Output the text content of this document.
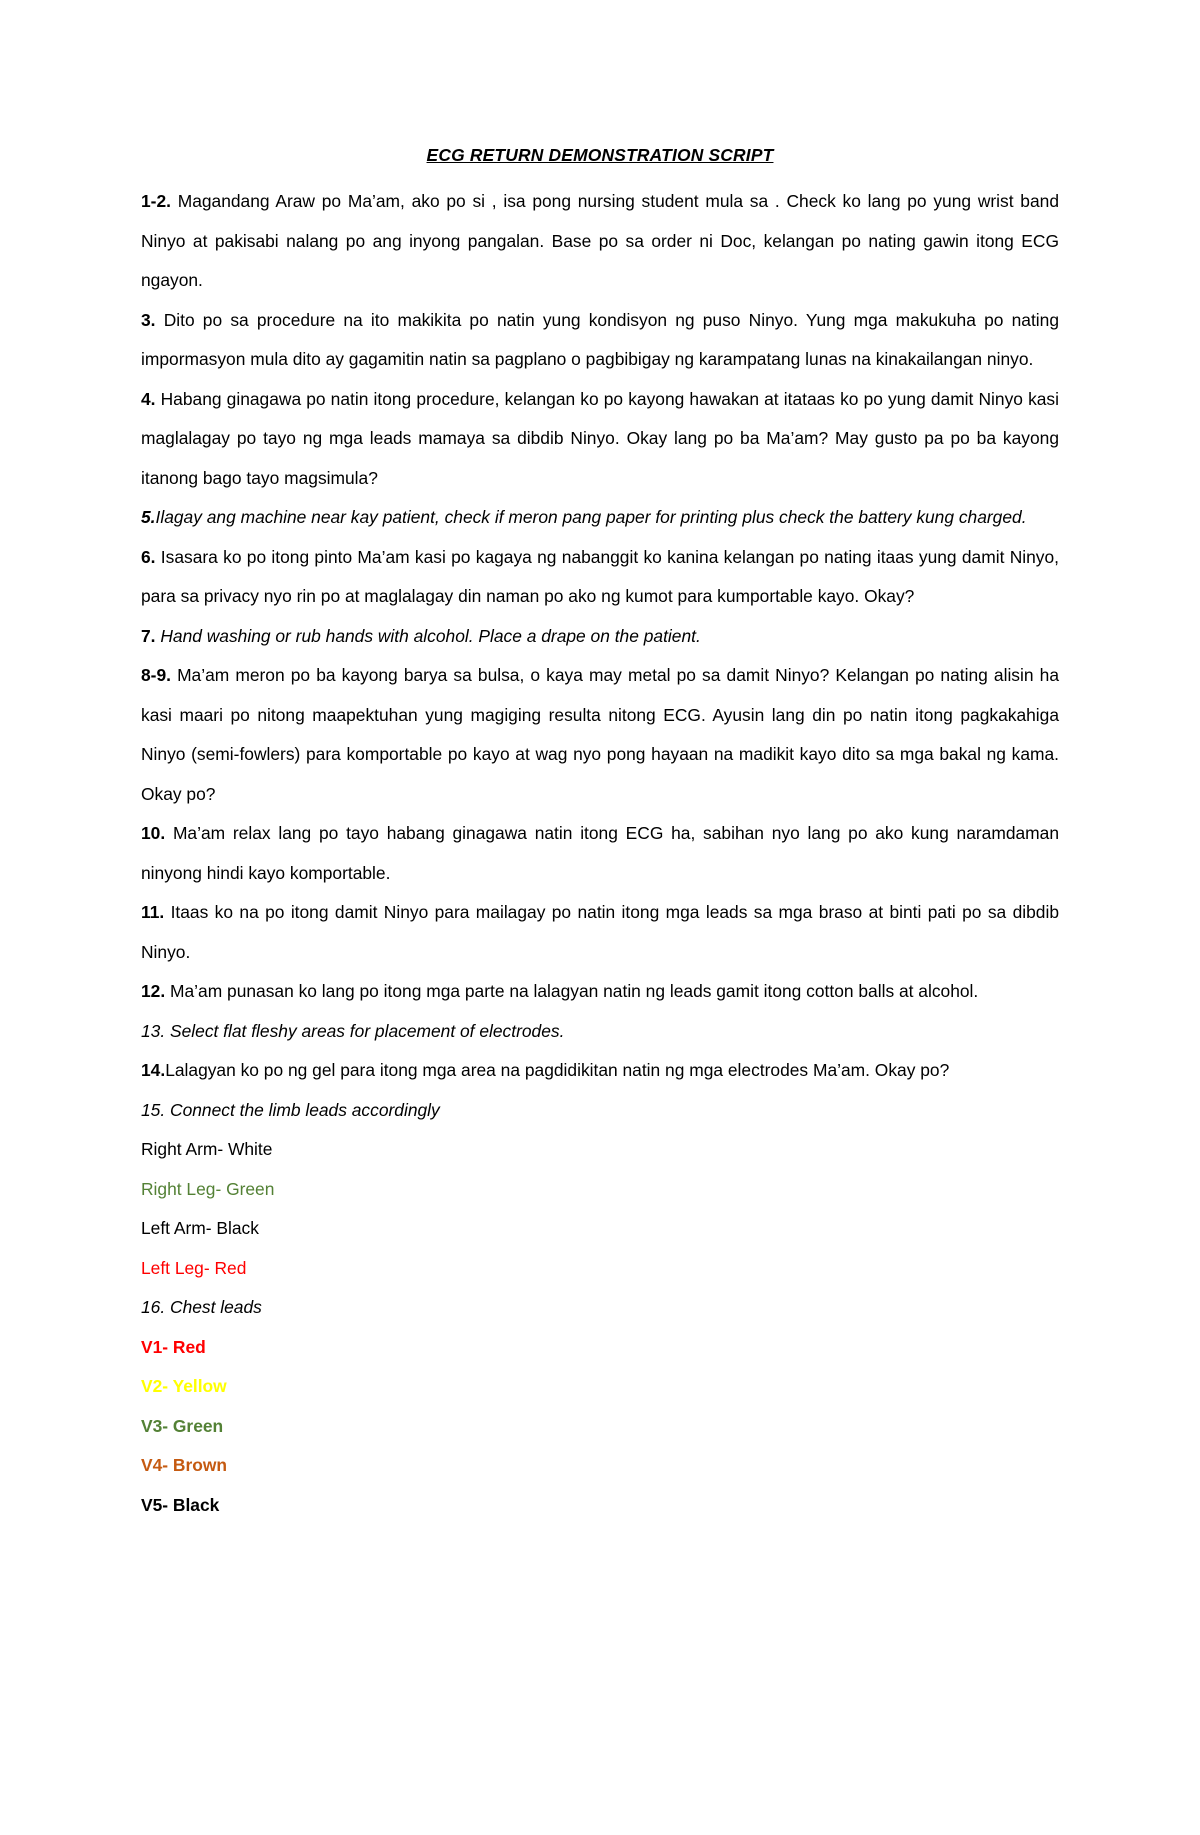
ECG RETURN DEMONSTRATION SCRIPT

1-2. Magandang Araw po Ma’am, ako po si , isa pong nursing student mula sa . Check ko lang po yung wrist band Ninyo at pakisabi nalang po ang inyong pangalan. Base po sa order ni Doc, kelangan po nating gawin itong ECG ngayon.

3. Dito po sa procedure na ito makikita po natin yung kondisyon ng puso Ninyo. Yung mga makukuha po nating impormasyon mula dito ay gagamitin natin sa pagplano o pagbibigay ng karampatang lunas na kinakailangan ninyo.

4. Habang ginagawa po natin itong procedure, kelangan ko po kayong hawakan at itataas ko po yung damit Ninyo kasi maglalagay po tayo ng mga leads mamaya sa dibdib Ninyo. Okay lang po ba Ma’am? May gusto pa po ba kayong itanong bago tayo magsimula?

5.Ilagay ang machine near kay patient, check if meron pang paper for printing plus check the battery kung charged.

6. Isasara ko po itong pinto Ma’am kasi po kagaya ng nabanggit ko kanina kelangan po nating itaas yung damit Ninyo, para sa privacy nyo rin po at maglalagay din naman po ako ng kumot para kumportable kayo. Okay?

7. Hand washing or rub hands with alcohol. Place a drape on the patient.

8-9. Ma’am meron po ba kayong barya sa bulsa, o kaya may metal po sa damit Ninyo? Kelangan po nating alisin ha kasi maari po nitong maapektuhan yung magiging resulta nitong ECG. Ayusin lang din po natin itong pagkakahiga Ninyo (semi-fowlers) para komportable po kayo at wag nyo pong hayaan na madikit kayo dito sa mga bakal ng kama. Okay po?

10. Ma’am relax lang po tayo habang ginagawa natin itong ECG ha, sabihan nyo lang po ako kung naramdaman ninyong hindi kayo komportable.

11. Itaas ko na po itong damit Ninyo para mailagay po natin itong mga leads sa mga braso at binti pati po sa dibdib Ninyo.

12. Ma’am punasan ko lang po itong mga parte na lalagyan natin ng leads gamit itong cotton balls at alcohol.

13. Select flat fleshy areas for placement of electrodes.

14.Lalagyan ko po ng gel para itong mga area na pagdidikitan natin ng mga electrodes Ma’am. Okay po?

15. Connect the limb leads accordingly

Right Arm- White

Right Leg- Green

Left Arm- Black

Left Leg- Red

16. Chest leads

V1- Red

V2- Yellow

V3- Green

V4- Brown

V5- Black
